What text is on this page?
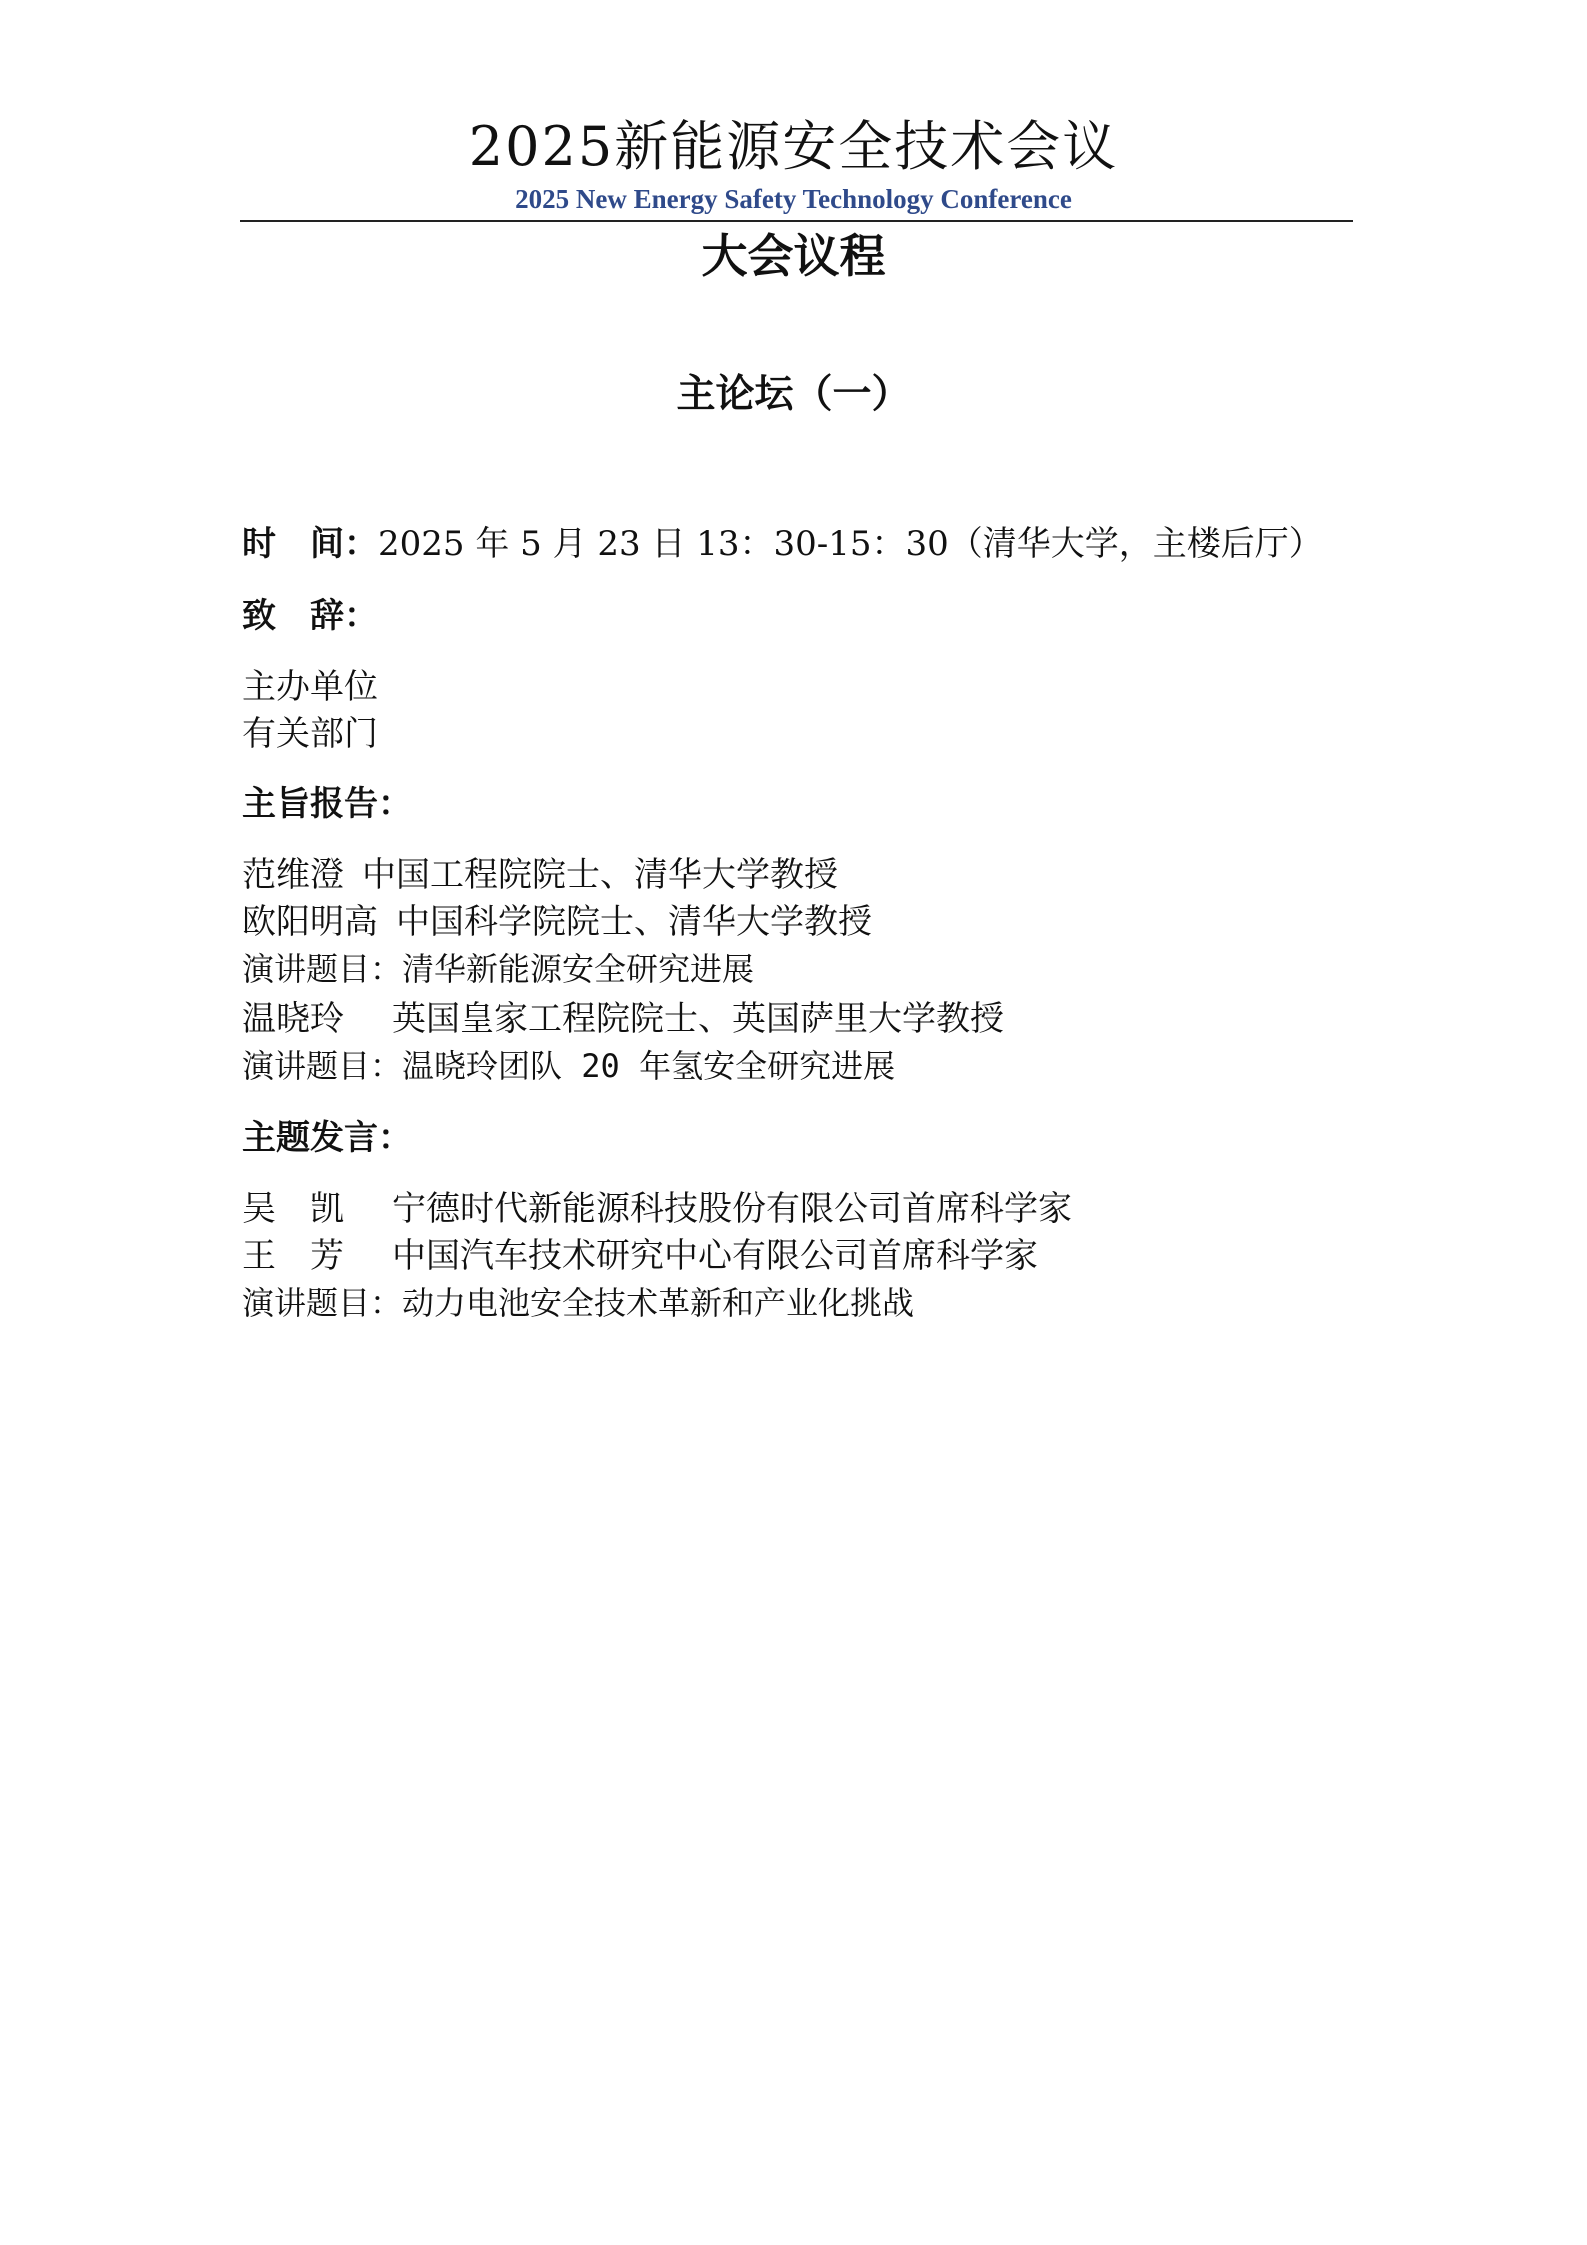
2025新能源安全技术会议
2025 New Energy Safety Technology Conference
大会议程
主论坛（一）
时　间：2025 年 5 月 23 日 13：30-15：30（清华大学，主楼后厅）
致　辞：
主办单位
有关部门
主旨报告：
范维澄 中国工程院院士、清华大学教授
欧阳明高 中国科学院院士、清华大学教授
演讲题目：清华新能源安全研究进展
温晓玲 英国皇家工程院院士、英国萨里大学教授
演讲题目：温晓玲团队 20 年氢安全研究进展
主题发言：
吴　凯 宁德时代新能源科技股份有限公司首席科学家
王　芳 中国汽车技术研究中心有限公司首席科学家
演讲题目：动力电池安全技术革新和产业化挑战
